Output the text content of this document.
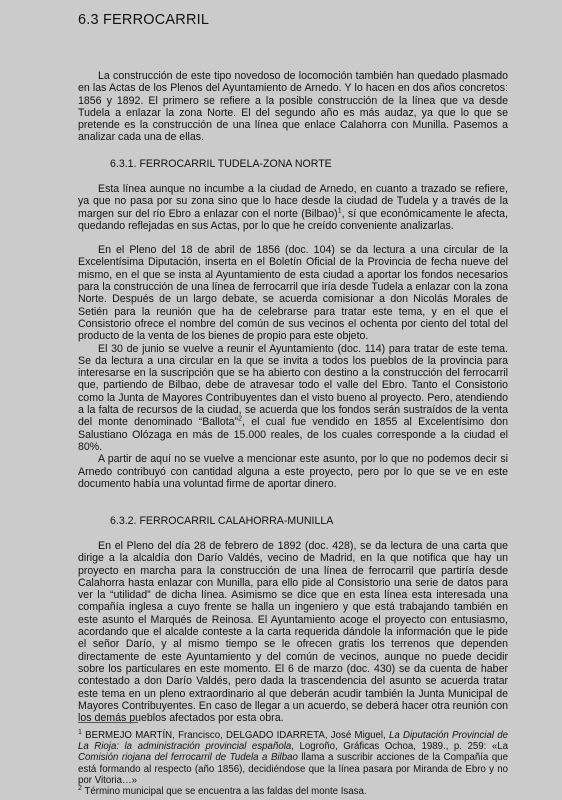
6.3 FERROCARRIL

La construcción de este tipo novedoso de locomoción también han quedado plasmado en las Actas de los Plenos del Ayuntamiento de Arnedo. Y lo hacen en dos años concretos: 1856 y 1892. El primero se refiere a la posible construcción de la línea que va desde Tudela a enlazar la zona Norte. El del segundo año es más audaz, ya que lo que se pretende es la construcción de una línea que enlace Calahorra con Munilla. Pasemos a analizar cada una de ellas.

6.3.1. FERROCARRIL TUDELA-ZONA NORTE

Esta línea aunque no incumbe a la ciudad de Arnedo, en cuanto a trazado se refiere, ya que no pasa por su zona sino que lo hace desde la ciudad de Tudela y a través de la margen sur del río Ebro a enlazar con el norte (Bilbao)$^1$, sí que económicamente le afecta, quedando reflejadas en sus Actas, por lo que he creído conveniente analizarlas.

En el Pleno del 18 de abril de 1856 (doc. 104) se da lectura a una circular de la Excelentísima Diputación, inserta en el Boletín Oficial de la Provincia de fecha nueve del mismo, en el que se insta al Ayuntamiento de esta ciudad a aportar los fondos necesarios para la construcción de una línea de ferrocarril que iría desde Tudela a enlazar con la zona Norte. Después de un largo debate, se acuerda comisionar a don Nicolás Morales de Setién para la reunión que ha de celebrarse para tratar este tema, y en el que el Consistorio ofrece el nombre del común de sus vecinos el ochenta por ciento del total del producto de la venta de los bienes de propio para este objeto.

El 30 de junio se vuelve a reunir el Ayuntamiento (doc. 114) para tratar de este tema. Se da lectura a una circular en la que se invita a todos los pueblos de la provincia para interesarse en la suscripción que se ha abierto con destino a la construcción del ferrocarril que, partiendo de Bilbao, debe de atravesar todo el valle del Ebro. Tanto el Consistorio como la Junta de Mayores Contribuyentes dan el visto bueno al proyecto. Pero, atendiendo a la falta de recursos de la ciudad, se acuerda que los fondos serán sustraídos de la venta del monte denominado “Ballota”$^2$, el cual fue vendido en 1855 al Excelentísimo don Salustiano Olózaga en más de 15.000 reales, de los cuales corresponde a la ciudad el 80%.

A partir de aquí no se vuelve a mencionar este asunto, por lo que no podemos decir si Arnedo contribuyó con cantidad alguna a este proyecto, pero por lo que se ve en este documento había una voluntad firme de aportar dinero.

6.3.2. FERROCARRIL CALAHORRA-MUNILLA

En el Pleno del día 28 de febrero de 1892 (doc. 428), se da lectura de una carta que dirige a la alcaldía don Darío Valdés, vecino de Madrid, en la que notifica que hay un proyecto en marcha para la construcción de una línea de ferrocarril que partiría desde Calahorra hasta enlazar con Munilla, para ello pide al Consistorio una serie de datos para ver la “utilidad” de dicha línea. Asimismo se dice que en esta línea esta interesada una compañía inglesa a cuyo frente se halla un ingeniero y que está trabajando también en este asunto el Marqués de Reinosa. El Ayuntamiento acoge el proyecto con entusiasmo, acordando que el alcalde conteste a la carta requerida dándole la información que le pide el señor Darío, y al mismo tiempo se le ofrecen gratis los terrenos que dependen directamente de este Ayuntamiento y del común de vecinos, aunque no puede decidir sobre los particulares en este momento. El 6 de marzo (doc. 430) se da cuenta de haber contestado a don Darío Valdés, pero dada la trascendencia del asunto se acuerda tratar este tema en un pleno extraordinario al que deberán acudir también la Junta Municipal de Mayores Contribuyentes. En caso de llegar a un acuerdo, se deberá hacer otra reunión con los demás pueblos afectados por esta obra.

$^1$ BERMEJO MARTÍN, Francisco, DELGADO IDARRETA, José Miguel, La Diputación Provincial de La Rioja: la administración provincial española, Logroño, Gráficas Ochoa, 1989., p. 259: «La Comisión riojana del ferrocarril de Tudela a Bilbao llama a suscribir acciones de la Compañía que está formando al respecto (año 1856), decidiéndose que la línea pasara por Miranda de Ebro y no por Vitoria…»

$^2$ Término municipal que se encuentra a las faldas del monte Isasa.
